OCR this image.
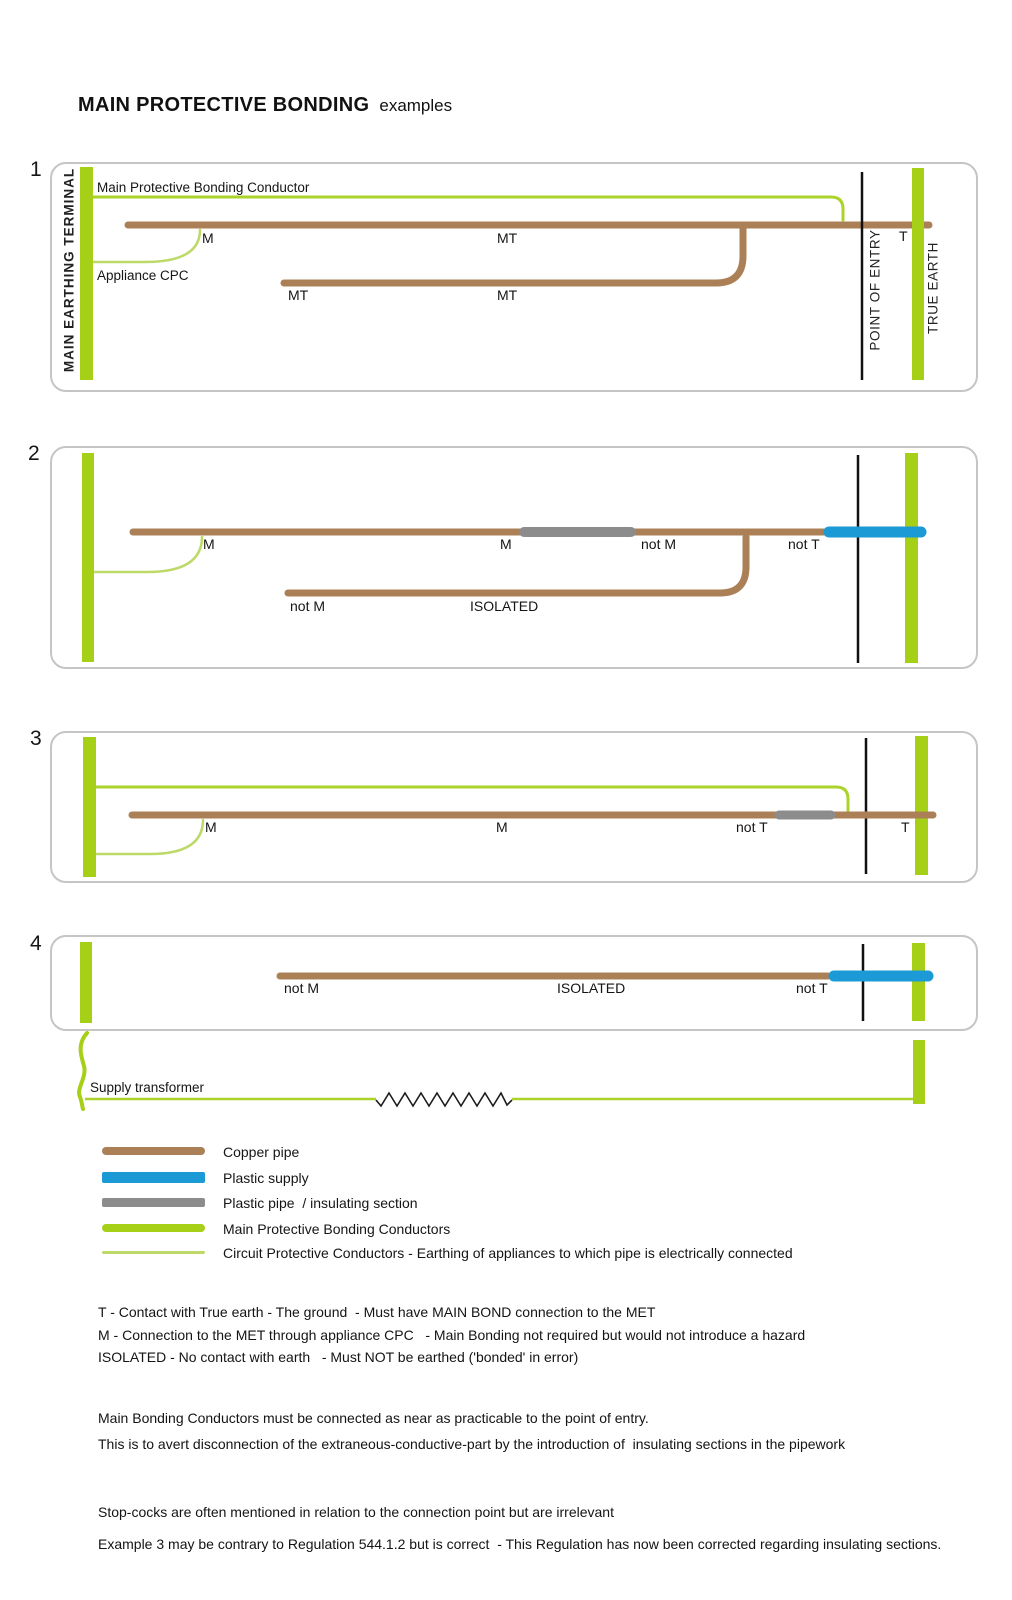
MAIN PROTECTIVE BONDING examples
1
2
3
4
MAIN EARTHING TERMINAL Main Protective Bonding Conductor
Appliance CPC
M	MT	T
MT	MT	POINT OF ENTRY	TRUE EARTH
M	M	not M	not T
not M	ISOLATED
M	M	not T	T
not M	ISOLATED	not T
Supply transformer
Copper pipe
Plastic supply
Plastic pipe  / insulating section
Main Protective Bonding Conductors
Circuit Protective Conductors - Earthing of appliances to which pipe is electrically connected
T - Contact with True earth - The ground  - Must have MAIN BOND connection to the MET
M - Connection to the MET through appliance CPC   - Main Bonding not required but would not introduce a hazard
ISOLATED - No contact with earth   - Must NOT be earthed ('bonded' in error)
Main Bonding Conductors must be connected as near as practicable to the point of entry.
This is to avert disconnection of the extraneous-conductive-part by the introduction of  insulating sections in the pipework
Stop-cocks are often mentioned in relation to the connection point but are irrelevant
Example 3 may be contrary to Regulation 544.1.2 but is correct  - This Regulation has now been corrected regarding insulating sections.
